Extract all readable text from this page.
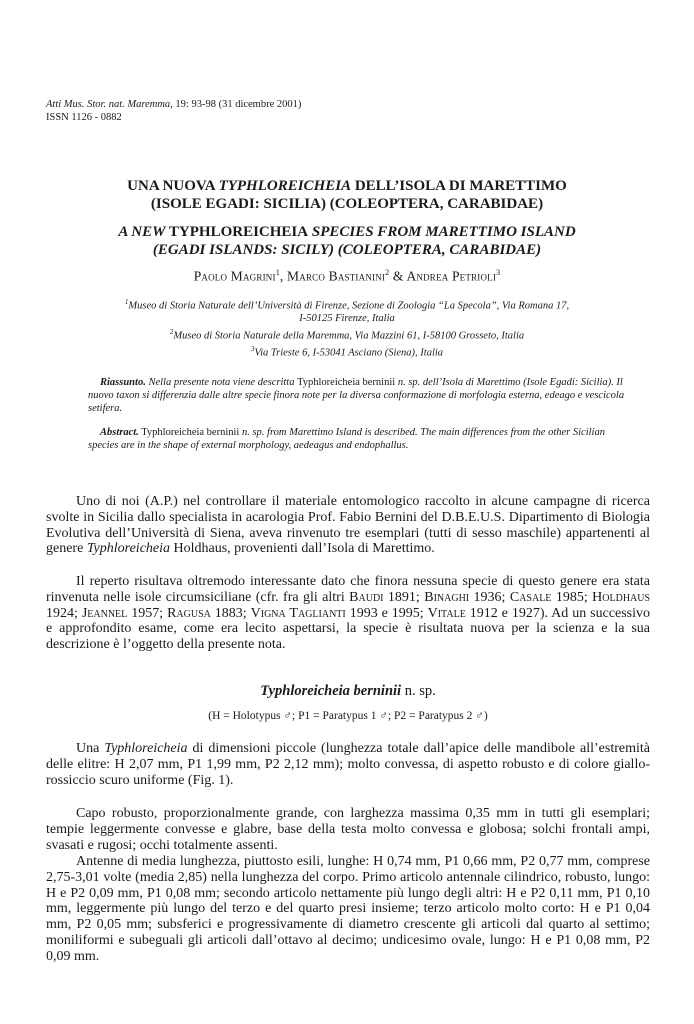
Atti Mus. Stor. nat. Maremma, 19: 93-98 (31 dicembre 2001)
ISSN 1126 - 0882
UNA NUOVA TYPHLOREICHEIA DELL’ISOLA DI MARETTIMO
(ISOLE EGADI: SICILIA) (COLEOPTERA, CARABIDAE)
A NEW TYPHLOREICHEIA SPECIES FROM MARETTIMO ISLAND
(EGADI ISLANDS: SICILY) (COLEOPTERA, CARABIDAE)
Paolo Magrini$^1$, Marco Bastianini$^2$ & Andrea Petrioli$^3$
$^1$Museo di Storia Naturale dell’Università di Firenze, Sezione di Zoologia “La Specola”, Via Romana 17,
I-50125 Firenze, Italia
$^2$Museo di Storia Naturale della Maremma, Via Mazzini 61, I-58100 Grosseto, Italia
$^3$Via Trieste 6, I-53041 Asciano (Siena), Italia
Riassunto. Nella presente nota viene descritta Typhloreicheia berninii n. sp. dell’Isola di Marettimo (Isole Egadi: Sicilia). Il nuovo taxon si differenzia dalle altre specie finora note per la diversa conformazione di morfologia esterna, edeago e vescicola setifera.
Abstract. Typhloreicheia berninii n. sp. from Marettimo Island is described. The main differences from the other Sicilian species are in the shape of external morphology, aedeagus and endophallus.
Uno di noi (A.P.) nel controllare il materiale entomologico raccolto in alcune campagne di ricerca svolte in Sicilia dallo specialista in acarologia Prof. Fabio Bernini del D.B.E.U.S. Dipartimento di Biologia Evolutiva dell’Università di Siena, aveva rinvenuto tre esemplari (tutti di sesso maschile) appartenenti al genere Typhloreicheia Holdhaus, provenienti dall’Isola di Marettimo.
Il reperto risultava oltremodo interessante dato che finora nessuna specie di questo genere era stata rinvenuta nelle isole circumsiciliane (cfr. fra gli altri Baudi 1891; Binaghi 1936; Casale 1985; Holdhaus 1924; Jeannel 1957; Ragusa 1883; Vigna Taglianti 1993 e 1995; Vitale 1912 e 1927). Ad un successivo e approfondito esame, come era lecito aspettarsi, la specie è risultata nuova per la scienza e la sua descrizione è l’oggetto della presente nota.
Typhloreicheia berninii n. sp.
(H = Holotypus ♂; P1 = Paratypus 1 ♂; P2 = Paratypus 2 ♂)
Una Typhloreicheia di dimensioni piccole (lunghezza totale dall’apice delle mandibole all’estremità delle elitre: H 2,07 mm, P1 1,99 mm, P2 2,12 mm); molto convessa, di aspetto robusto e di colore giallo-rossiccio scuro uniforme (Fig. 1).
Capo robusto, proporzionalmente grande, con larghezza massima 0,35 mm in tutti gli esemplari; tempie leggermente convesse e glabre, base della testa molto convessa e globosa; solchi frontali ampi, svasati e rugosi; occhi totalmente assenti.
Antenne di media lunghezza, piuttosto esili, lunghe: H 0,74 mm, P1 0,66 mm, P2 0,77 mm, comprese 2,75-3,01 volte (media 2,85) nella lunghezza del corpo. Primo articolo antennale cilindrico, robusto, lungo: H e P2 0,09 mm, P1 0,08 mm; secondo articolo nettamente più lungo degli altri: H e P2 0,11 mm, P1 0,10 mm, leggermente più lungo del terzo e del quarto presi insieme; terzo articolo molto corto: H e P1 0,04 mm, P2 0,05 mm; subsferici e progressivamente di diametro crescente gli articoli dal quarto al settimo; moniliformi e subeguali gli articoli dall’ottavo al decimo; undicesimo ovale, lungo: H e P1 0,08 mm, P2 0,09 mm.
